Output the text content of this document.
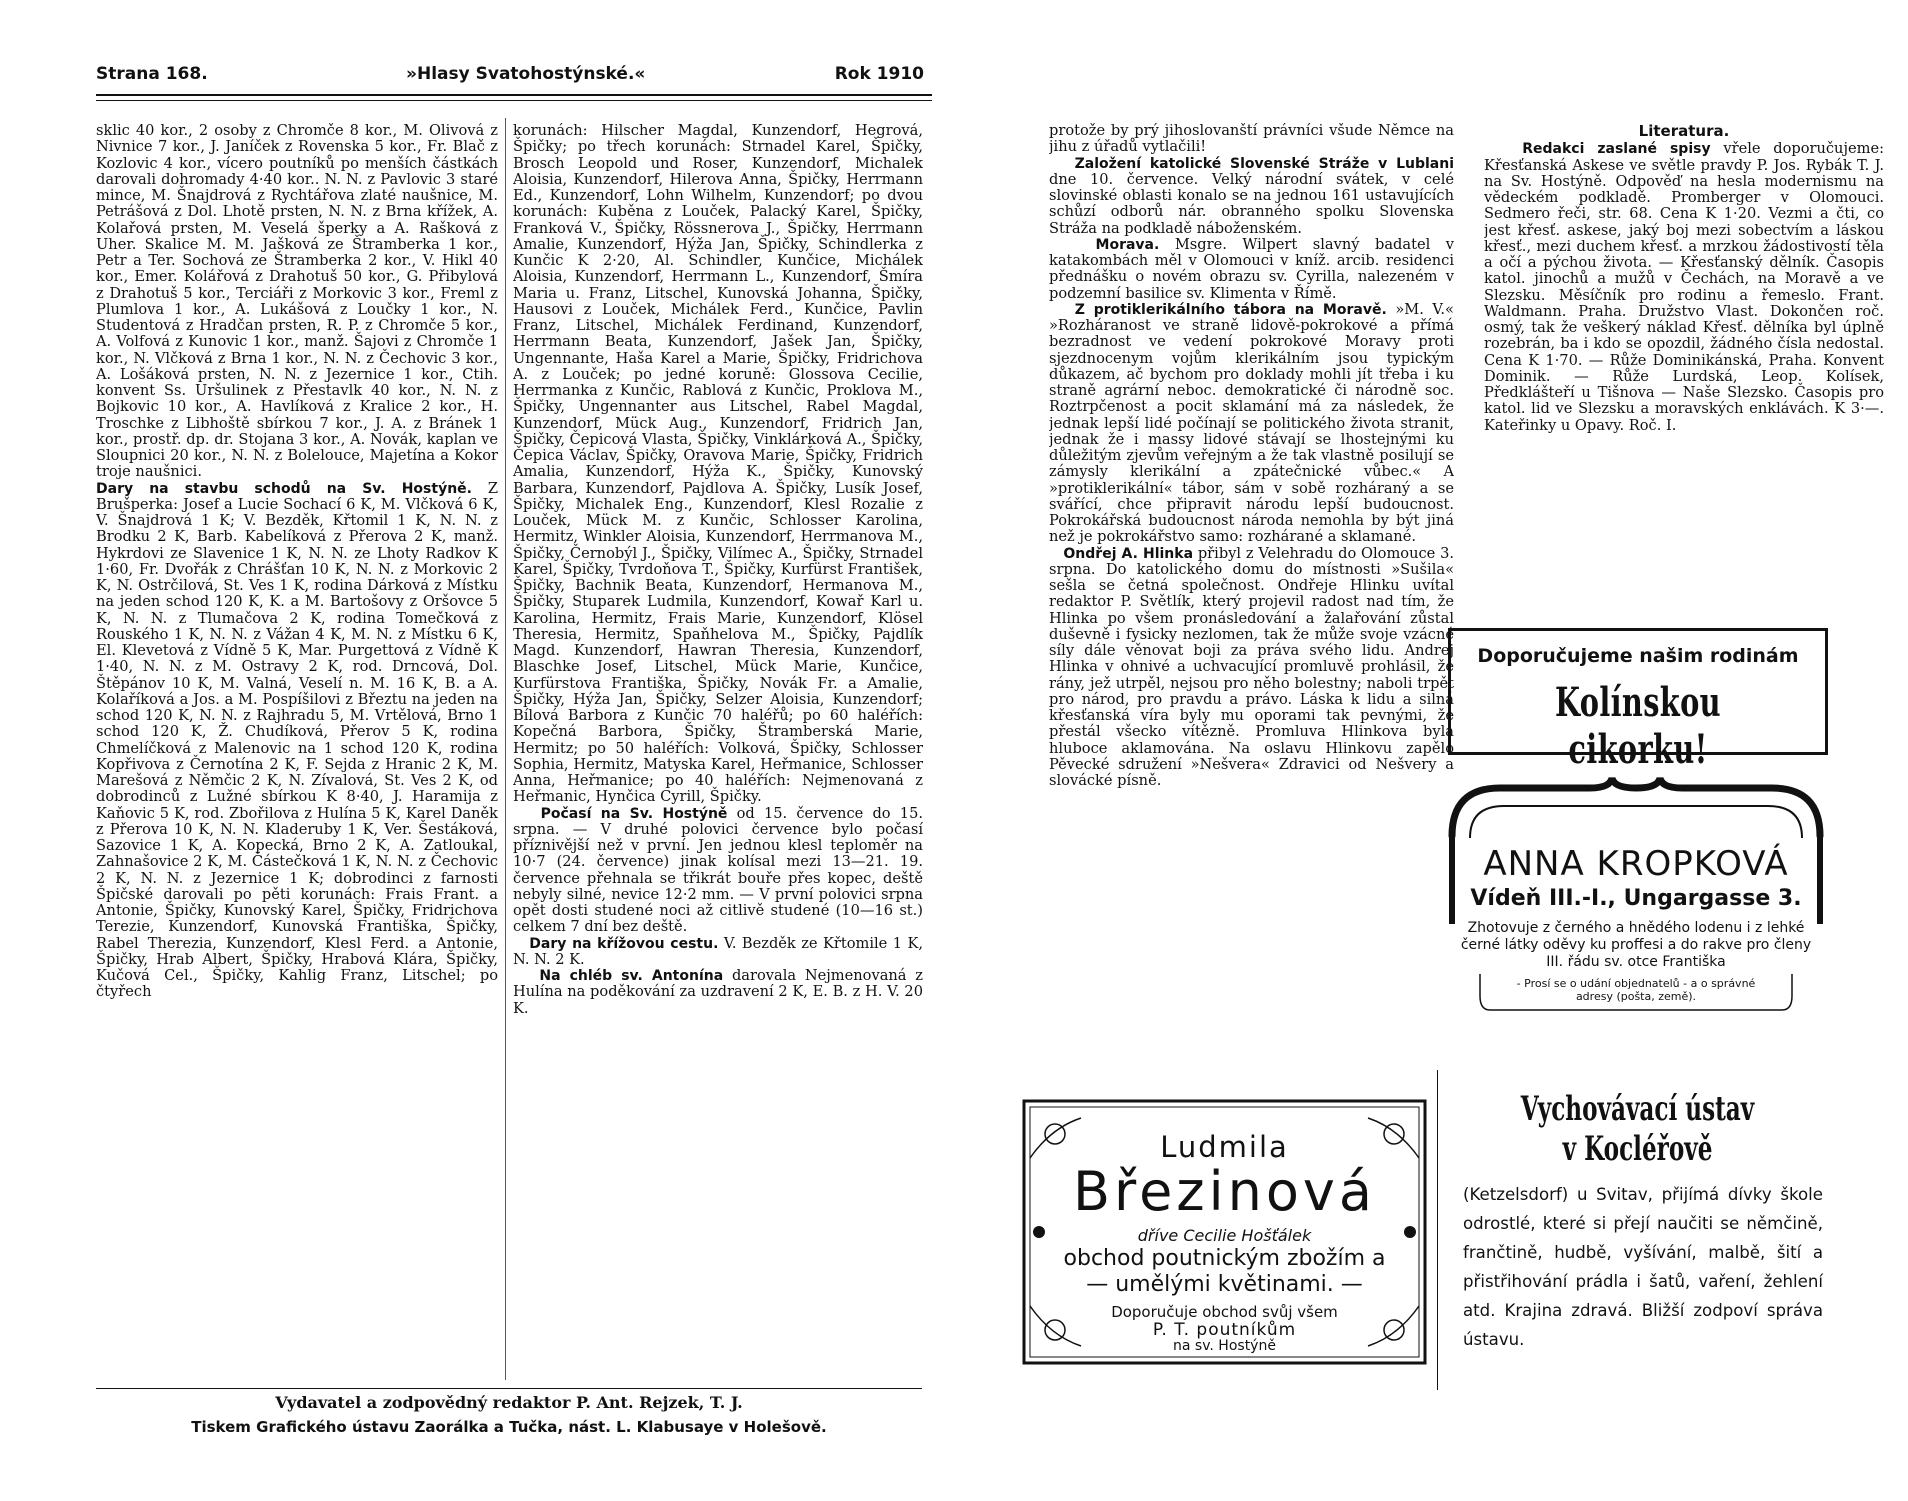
Strana 168.	»Hlasy Svatohostýnské.«	Rok 1910

sklic 40 kor., 2 osoby z Chromče 8 kor., M. Olivová z Nivnice 7 kor., J. Janíček z Rovenska 5 kor., Fr. Blač z Kozlovic 4 kor., vícero poutníků po menších částkách darovali dohromady 4·40 kor.. N. N. z Pavlovic 3 staré mince, M. Šnajdrová z Rychtářova zlaté naušnice, M. Petrášová z Dol. Lhotě prsten, N. N. z Brna křížek, A. Kolařová prsten, M. Veselá šperky a A. Rašková z Uher. Skalice M. M. Jašková ze Štramberka 1 kor., Petr a Ter. Sochová ze Štramberka 2 kor., V. Hikl 40 kor., Emer. Kolářová z Drahotuš 50 kor., G. Přibylová z Drahotuš 5 kor., Terciáři z Morkovic 3 kor., Freml z Plumlova 1 kor., A. Lukášová z Loučky 1 kor., N. Studentová z Hradčan prsten, R. P. z Chromče 5 kor., A. Volfová z Kunovic 1 kor., manž. Šajovi z Chromče 1 kor., N. Vlčková z Brna 1 kor., N. N. z Čechovic 3 kor., A. Lošáková prsten, N. N. z Jezernice 1 kor., Ctih. konvent Ss. Uršulinek z Přestavlk 40 kor., N. N. z Bojkovic 10 kor., A. Havlíková z Kralice 2 kor., H. Troschke z Libhoště sbírkou 7 kor., J. A. z Bránek 1 kor., prostř. dp. dr. Stojana 3 kor., A. Novák, kaplan ve Sloupnici 20 kor., N. N. z Bolelouce, Majetína a Kokor troje naušnici.

Dary na stavbu schodů na Sv. Hostýně. Z Brušperka: Josef a Lucie Sochací 6 K, M. Vlčková 6 K, V. Šnajdrová 1 K; V. Bezděk, Křtomil 1 K, N. N. z Brodku 2 K, Barb. Kabelíková z Přerova 2 K, manž. Hykrdovi ze Slavenice 1 K, N. N. ze Lhoty Radkov K 1·60, Fr. Dvořák z Chrášťan 10 K, N. N. z Morkovic 2 K, N. Ostrčilová, St. Ves 1 K, rodina Dárková z Místku na jeden schod 120 K, K. a M. Bartošovy z Oršovce 5 K, N. N. z Tlumačova 2 K, rodina Tomečková z Rouského 1 K, N. N. z Vážan 4 K, M. N. z Místku 6 K, El. Klevetová z Vídně 5 K, Mar. Purgettová z Vídně K 1·40, N. N. z M. Ostravy 2 K, rod. Drncová, Dol. Štěpánov 10 K, M. Valná, Veselí n. M. 16 K, B. a A. Kolaříková a Jos. a M. Pospíšilovi z Březtu na jeden na schod 120 K, N. N. z Rajhradu 5, M. Vrtělová, Brno 1 schod 120 K, Ž. Chudíková, Přerov 5 K, rodina Chmelíčková z Malenovic na 1 schod 120 K, rodina Kopřivova z Černotína 2 K, F. Sejda z Hranic 2 K, M. Marešová z Němčic 2 K, N. Zívalová, St. Ves 2 K, od dobrodinců z Lužné sbírkou K 8·40, J. Haramija z Kaňovic 5 K, rod. Zbořilova z Hulína 5 K, Karel Daněk z Přerova 10 K, N. N. Kladeruby 1 K, Ver. Šestáková, Sazovice 1 K, A. Kopecká, Brno 2 K, A. Zatloukal, Zahnašovice 2 K, M. Částečková 1 K, N. N. z Čechovic 2 K, N. N. z Jezernice 1 K; dobrodinci z farnosti Špičské darovali po pěti korunách: Frais Frant. a Antonie, Špičky, Kunovský Karel, Špičky, Fridrichova Terezie, Kunzendorf, Kunovská Františka, Špičky, Rabel Therezia, Kunzendorf, Klesl Ferd. a Antonie, Špičky, Hrab Albert, Špičky, Hrabová Klára, Špičky, Kučová Cel., Špičky, Kahlig Franz, Litschel; po čtyřech

korunách: Hilscher Magdal, Kunzendorf, Hegrová, Špičky; po třech korunách: Strnadel Karel, Špičky, Brosch Leopold und Roser, Kunzendorf, Michalek Aloisia, Kunzendorf, Hilerova Anna, Špičky, Herrmann Ed., Kunzendorf, Lohn Wilhelm, Kunzendorf; po dvou korunách: Kuběna z Louček, Palacký Karel, Špičky, Franková V., Špičky, Rössnerova J., Špičky, Herrmann Amalie, Kunzendorf, Hýža Jan, Špičky, Schindlerka z Kunčic K 2·20, Al. Schindler, Kunčice, Michálek Aloisia, Kunzendorf, Herrmann L., Kunzendorf, Šmíra Maria u. Franz, Litschel, Kunovská Johanna, Špičky, Hausovi z Louček, Michálek Ferd., Kunčice, Pavlin Franz, Litschel, Michálek Ferdinand, Kunzendorf, Herrmann Beata, Kunzendorf, Jašek Jan, Špičky, Ungennante, Haša Karel a Marie, Špičky, Fridrichova A. z Louček; po jedné koruně: Glossova Cecilie, Herrmanka z Kunčic, Rablová z Kunčic, Proklova M., Špičky, Ungennanter aus Litschel, Rabel Magdal, Kunzendorf, Mück Aug., Kunzendorf, Fridrich Jan, Špičky, Čepicová Vlasta, Špičky, Vinklárková A., Špičky, Čepica Václav, Špičky, Oravova Marie, Špičky, Fridrich Amalia, Kunzendorf, Hýža K., Špičky, Kunovský Barbara, Kunzendorf, Pajdlova A. Špičky, Lusík Josef, Špičky, Michalek Eng., Kunzendorf, Klesl Rozalie z Louček, Mück M. z Kunčic, Schlosser Karolina, Hermitz, Winkler Aloisia, Kunzendorf, Herrmanova M., Špičky, Černobýl J., Špičky, Vilímec A., Špičky, Strnadel Karel, Špičky, Tvrdoňova T., Špičky, Kurfürst František, Špičky, Bachnik Beata, Kunzendorf, Hermanova M., Špičky, Stuparek Ludmila, Kunzendorf, Kowař Karl u. Karolina, Hermitz, Frais Marie, Kunzendorf, Klösel Theresia, Hermitz, Spaňhelova M., Špičky, Pajdlík Magd. Kunzendorf, Hawran Theresia, Kunzendorf, Blaschke Josef, Litschel, Mück Marie, Kunčice, Kurfürstova Františka, Špičky, Novák Fr. a Amalie, Špičky, Hýža Jan, Špičky, Selzer Aloisia, Kunzendorf; Bílová Barbora z Kunčic 70 haléřů; po 60 haléřích: Kopečná Barbora, Špičky, Štramberská Marie, Hermitz; po 50 haléřích: Volková, Špičky, Schlosser Sophia, Hermitz, Matyska Karel, Heřmanice, Schlosser Anna, Heřmanice; po 40 haléřích: Nejmenovaná z Heřmanic, Hynčica Cyrill, Špičky.

Počasí na Sv. Hostýně od 15. července do 15. srpna. — V druhé polovici července bylo počasí příznivější než v první. Jen jednou klesl teploměr na 10·7 (24. července) jinak kolísal mezi 13—21. 19. července přehnala se třikrát bouře přes kopec, deště nebyly silné, nevice 12·2 mm. — V první polovici srpna opět dosti studené noci až citlivě studené (10—16 st.) celkem 7 dní bez deště.

Dary na křížovou cestu. V. Bezděk ze Křtomile 1 K, N. N. 2 K.

Na chléb sv. Antonína darovala Nejmenovaná z Hulína na poděkování za uzdravení 2 K, E. B. z H. V. 20 K.

Vydavatel a zodpovědný redaktor P. Ant. Rejzek, T. J.
Tiskem Grafického ústavu Zaorálka a Tučka, nást. L. Klabusaye v Holešově.

protože by prý jihoslovanští právníci všude Němce na jihu z úřadů vytlačili!

Založení katolické Slovenské Stráže v Lublani dne 10. července. Velký národní svátek, v celé slovinské oblasti konalo se na jednou 161 ustavujících schůzí odborů nár. obranného spolku Slovenska Stráža na podkladě náboženském.

Morava. Msgre. Wilpert slavný badatel v katakombách měl v Olomouci v kníž. arcib. residenci přednášku o novém obrazu sv. Cyrilla, nalezeném v podzemní basilice sv. Klimenta v Římě.

Z protiklerikálního tábora na Moravě. »M. V.« »Rozháranost ve straně lidově-pokrokové a přímá bezradnost ve vedení pokrokové Moravy proti sjezdnocenym vojům klerikálním jsou typickým důkazem, ač bychom pro doklady mohli jít třeba i ku straně agrární neboc. demokratické či národně soc. Roztrpčenost a pocit sklamání má za následek, že jednak lepší lidé počínají se politického života stranit, jednak že i massy lidové stávají se lhostejnými ku důležitým zjevům veřejným a že tak vlastně posilují se zámysly klerikální a zpátečnické vůbec.« A »protiklerikální« tábor, sám v sobě rozháraný a se svářící, chce připravit národu lepší budoucnost. Pokrokářská budoucnost národa nemohla by být jiná než je pokrokářstvo samo: rozhárané a sklamané.

Ondřej A. Hlinka přibyl z Velehradu do Olomouce 3. srpna. Do katolického domu do místnosti »Sušila« sešla se četná společnost. Ondřeje Hlinku uvítal redaktor P. Světlík, který projevil radost nad tím, že Hlinka po všem pronásledování a žalařování zůstal duševně i fysicky nezlomen, tak že může svoje vzácné síly dále věnovat boji za práva svého lidu. Andrej Hlinka v ohnivé a uchvacující promluvě prohlásil, že rány, jež utrpěl, nejsou pro něho bolestny; naboli trpět pro národ, pro pravdu a právo. Láska k lidu a silná křesťanská víra byly mu oporami tak pevnými, že přestál všecko vítězně. Promluva Hlinkova byla hluboce aklamována. Na oslavu Hlinkovu zapělo Pěvecké sdružení »Nešvera« Zdravici od Nešvery a slovácké písně.

Literatura.

Redakci zaslané spisy vřele doporučujeme: Křesťanská Askese ve světle pravdy P. Jos. Rybák T. J. na Sv. Hostýně. Odpověď na hesla modernismu na vědeckém podkladě. Promberger v Olomouci. Sedmero řeči, str. 68. Cena K 1·20. Vezmi a čti, co jest křesť. askese, jaký boj mezi sobectvím a láskou křesť., mezi duchem křesť. a mrzkou žádostivostí těla a očí a pýchou života. — Křesťanský dělník. Časopis katol. jinochů a mužů v Čechách, na Moravě a ve Slezsku. Měsíčník pro rodinu a řemeslo. Frant. Waldmann. Praha. Družstvo Vlast. Dokončen roč. osmý, tak že veškerý náklad Křesť. dělníka byl úplně rozebrán, ba i kdo se opozdil, žádného čísla nedostal. Cena K 1·70. — Růže Dominikánská, Praha. Konvent Dominik. — Růže Lurdská, Leop. Kolísek, Předklášteří u Tišnova — Naše Slezsko. Časopis pro katol. lid ve Slezsku a moravských enklávách. K 3·—. Kateřinky u Opavy. Roč. I.

Doporučujeme našim rodinám
Kolínskou cikorku!
ANNA KROPKOVÁ
Vídeň III.-I., Ungargasse 3.
Zhotovuje z černého a hnědého lodenu i z lehké černé látky oděvy ku proffesi a do rakve pro členy III. řádu sv. otce Františka
- Prosí se o udání objednatelů - a o správné adresy (pošta, země).
Vychovávací ústav
v Kocléřově
(Ketzelsdorf) u Svitav, přijímá dívky škole odrostlé, které si přejí naučiti se němčině, frančtině, hudbě, vyšívání, malbě, šití a přistřihování prádla i šatů, vaření, žehlení atd. Krajina zdravá. Bližší zodpoví správa ústavu.
Ludmila
Březinová
dříve Cecilie Hošťálek
obchod poutnickým zbožím a
— umělými květinami. —
Doporučuje obchod svůj všem
P. T. poutníkům
na sv. Hostýně
